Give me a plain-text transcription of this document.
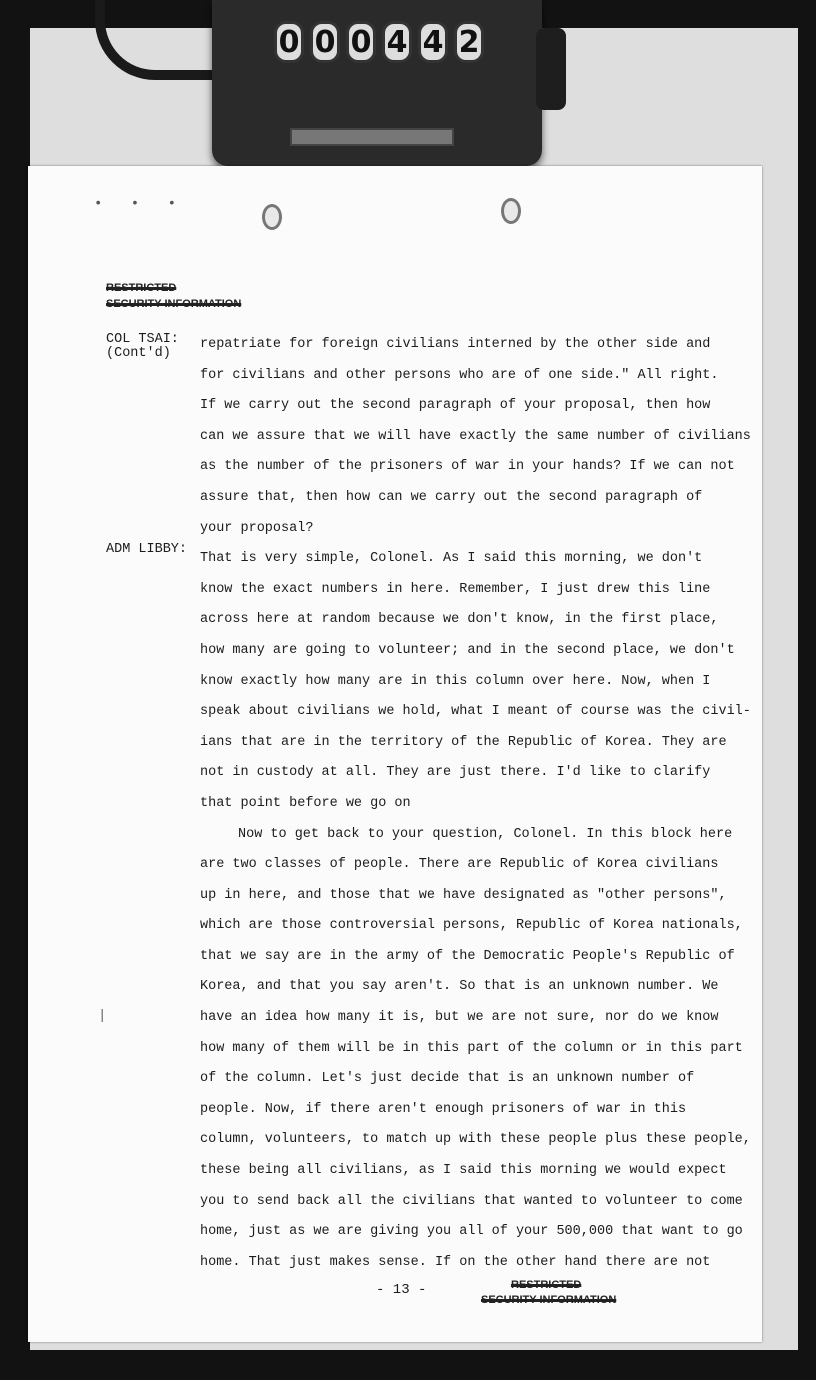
0 0 0 4 4 2
• • •
RESTRICTED
SECURITY INFORMATION
COL TSAI:
(Cont'd)
ADM LIBBY:
|
repatriate for foreign civilians interned by the other side and
for civilians and other persons who are of one side." All right.
If we carry out the second paragraph of your proposal, then how
can we assure that we will have exactly the same number of civilians
as the number of the prisoners of war in your hands? If we can not
assure that, then how can we carry out the second paragraph of
your proposal?
That is very simple, Colonel. As I said this morning, we don't
know the exact numbers in here. Remember, I just drew this line
across here at random because we don't know, in the first place,
how many are going to volunteer; and in the second place, we don't
know exactly how many are in this column over here. Now, when I
speak about civilians we hold, what I meant of course was the civil-
ians that are in the territory of the Republic of Korea. They are
not in custody at all. They are just there. I'd like to clarify
that point before we go on
Now to get back to your question, Colonel. In this block here
are two classes of people. There are Republic of Korea civilians
up in here, and those that we have designated as "other persons",
which are those controversial persons, Republic of Korea nationals,
that we say are in the army of the Democratic People's Republic of
Korea, and that you say aren't. So that is an unknown number. We
have an idea how many it is, but we are not sure, nor do we know
how many of them will be in this part of the column or in this part
of the column. Let's just decide that is an unknown number of
people. Now, if there aren't enough prisoners of war in this
column, volunteers, to match up with these people plus these people,
these being all civilians, as I said this morning we would expect
you to send back all the civilians that wanted to volunteer to come
home, just as we are giving you all of your 500,000 that want to go
home. That just makes sense. If on the other hand there are not
- 13 -	RESTRICTED
SECURITY INFORMATION
